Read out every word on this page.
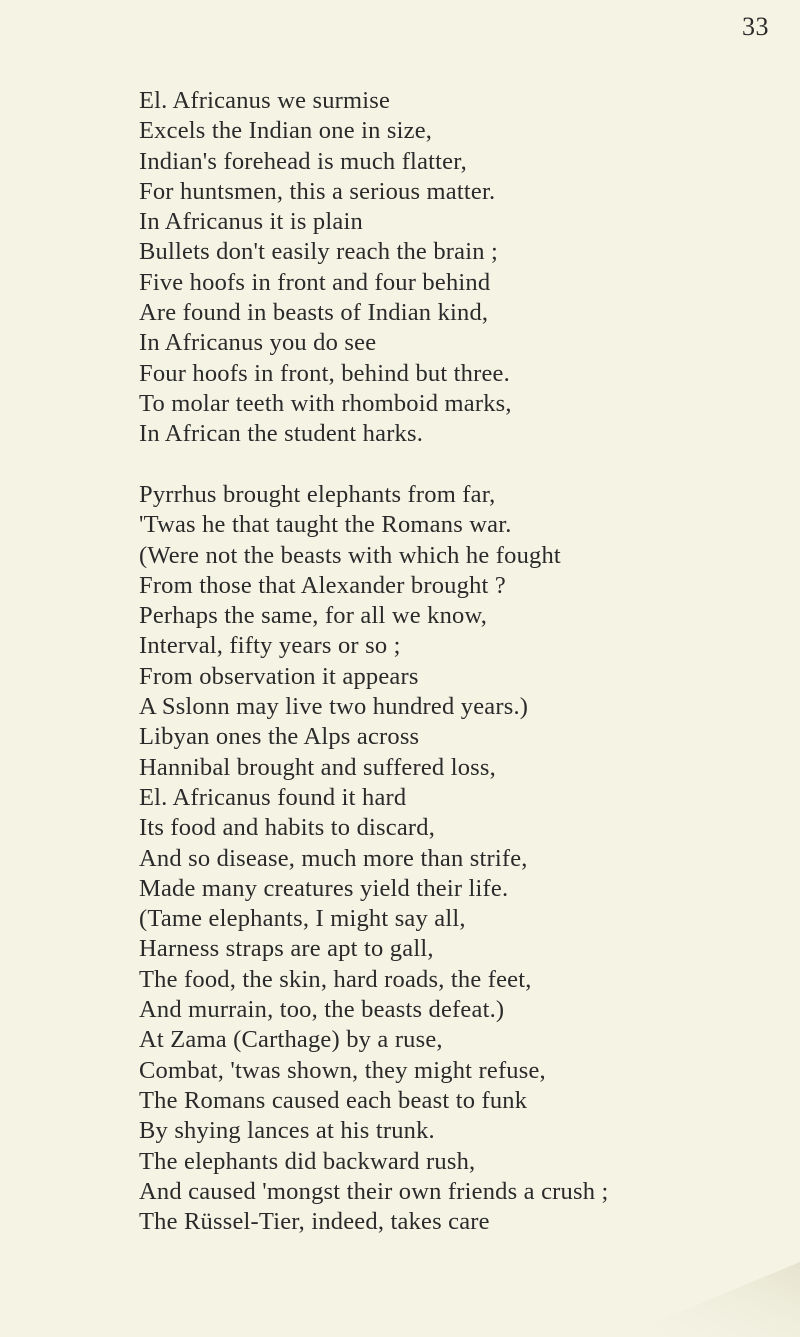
33
El. Africanus we surmise
Excels the Indian one in size,
Indian's forehead is much flatter,
For huntsmen, this a serious matter.
In Africanus it is plain
Bullets don't easily reach the brain ;
Five hoofs in front and four behind
Are found in beasts of Indian kind,
In Africanus you do see
Four hoofs in front, behind but three.
To molar teeth with rhomboid marks,
In African the student harks.
Pyrrhus brought elephants from far,
'Twas he that taught the Romans war.
(Were not the beasts with which he fought
From those that Alexander brought ?
Perhaps the same, for all we know,
Interval, fifty years or so ;
From observation it appears
A Sslonn may live two hundred years.)
Libyan ones the Alps across
Hannibal brought and suffered loss,
El. Africanus found it hard
Its food and habits to discard,
And so disease, much more than strife,
Made many creatures yield their life.
(Tame elephants, I might say all,
Harness straps are apt to gall,
The food, the skin, hard roads, the feet,
And murrain, too, the beasts defeat.)
At Zama (Carthage) by a ruse,
Combat, 'twas shown, they might refuse,
The Romans caused each beast to funk
By shying lances at his trunk.
The elephants did backward rush,
And caused 'mongst their own friends a crush ;
The Rüssel-Tier, indeed, takes care
